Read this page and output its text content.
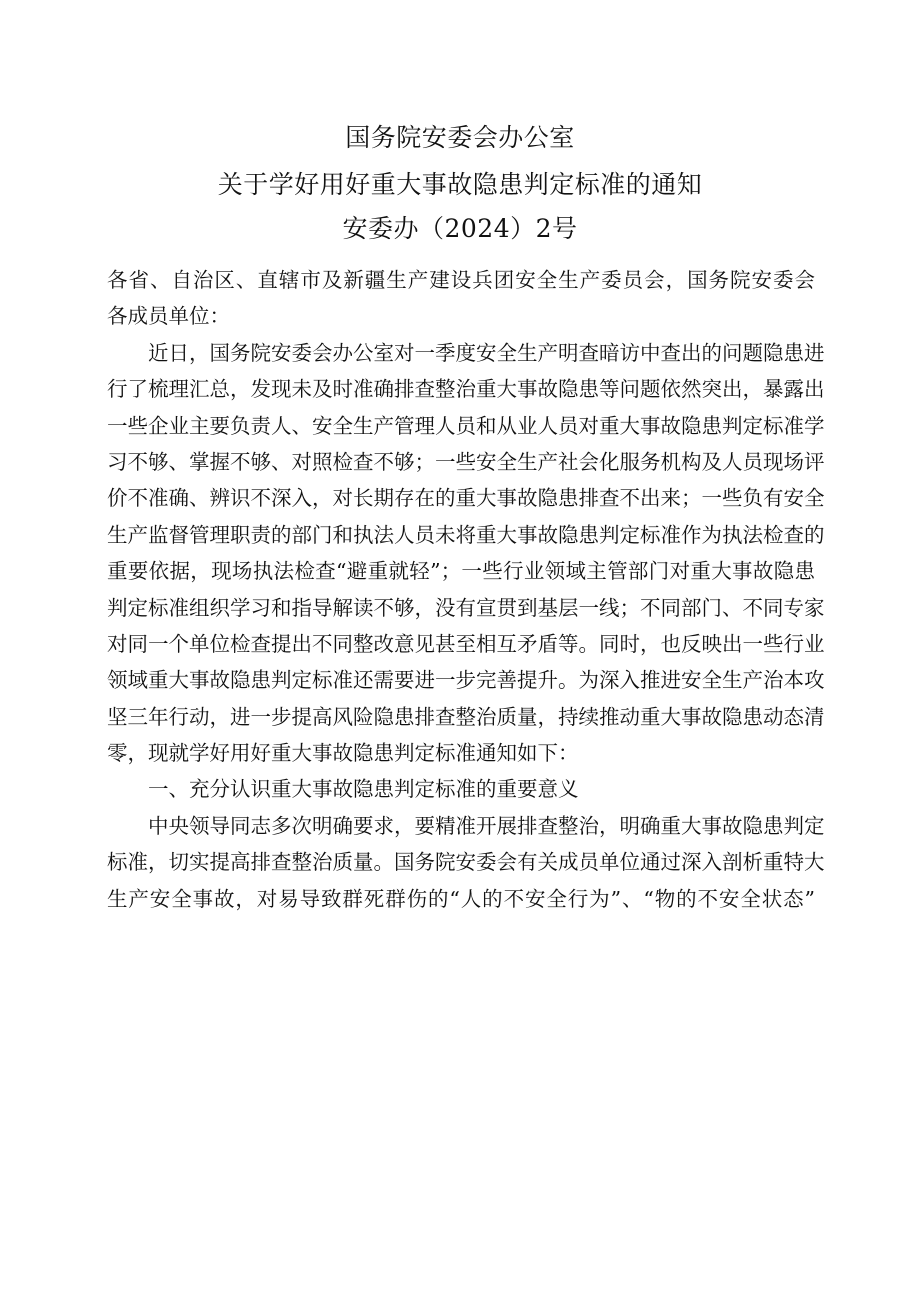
国务院安委会办公室
关于学好用好重大事故隐患判定标准的通知
安委办（2024）2号
各省、自治区、直辖市及新疆生产建设兵团安全生产委员会，国务院安委会
各成员单位：
近日，国务院安委会办公室对一季度安全生产明查暗访中查出的问题隐患进
行了梳理汇总，发现未及时准确排查整治重大事故隐患等问题依然突出，暴露出
一些企业主要负责人、安全生产管理人员和从业人员对重大事故隐患判定标准学
习不够、掌握不够、对照检查不够；一些安全生产社会化服务机构及人员现场评
价不准确、辨识不深入，对长期存在的重大事故隐患排查不出来；一些负有安全
生产监督管理职责的部门和执法人员未将重大事故隐患判定标准作为执法检查的
重要依据，现场执法检查“避重就轻”；一些行业领域主管部门对重大事故隐患
判定标准组织学习和指导解读不够，没有宣贯到基层一线；不同部门、不同专家
对同一个单位检查提出不同整改意见甚至相互矛盾等。同时，也反映出一些行业
领域重大事故隐患判定标准还需要进一步完善提升。为深入推进安全生产治本攻
坚三年行动，进一步提高风险隐患排查整治质量，持续推动重大事故隐患动态清
零，现就学好用好重大事故隐患判定标准通知如下：
一、充分认识重大事故隐患判定标准的重要意义
中央领导同志多次明确要求，要精准开展排查整治，明确重大事故隐患判定
标准，切实提高排查整治质量。国务院安委会有关成员单位通过深入剖析重特大
生产安全事故，对易导致群死群伤的“人的不安全行为”、“物的不安全状态”
